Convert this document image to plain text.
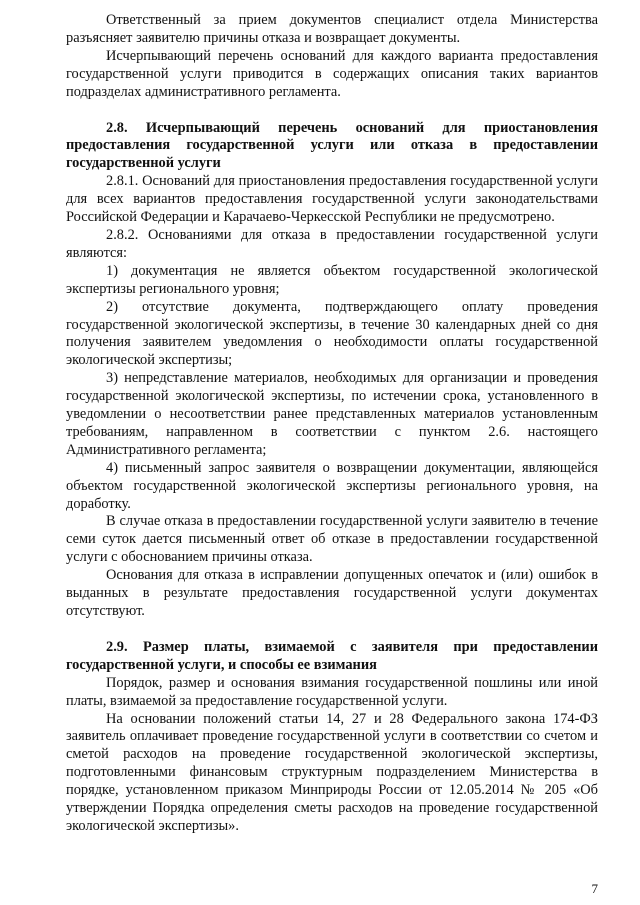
Ответственный за прием документов специалист отдела Министерства разъясняет заявителю причины отказа и возвращает документы.

Исчерпывающий перечень оснований для каждого варианта предоставления государственной услуги приводится в содержащих описания таких вариантов подразделах административного регламента.

2.8. Исчерпывающий перечень оснований для приостановления предоставления государственной услуги или отказа в предоставлении государственной услуги

2.8.1. Оснований для приостановления предоставления государственной услуги для всех вариантов предоставления государственной услуги законодательствами Российской Федерации и Карачаево-Черкесской Республики не предусмотрено.

2.8.2. Основаниями для отказа в предоставлении государственной услуги являются:

1) документация не является объектом государственной экологической экспертизы регионального уровня;

2) отсутствие документа, подтверждающего оплату проведения государственной экологической экспертизы, в течение 30 календарных дней со дня получения заявителем уведомления о необходимости оплаты государственной экологической экспертизы;

3) непредставление материалов, необходимых для организации и проведения государственной экологической экспертизы, по истечении срока, установленного в уведомлении о несоответствии ранее представленных материалов установленным требованиям, направленном в соответствии с пунктом 2.6. настоящего Административного регламента;

4) письменный запрос заявителя о возвращении документации, являющейся объектом государственной экологической экспертизы регионального уровня, на доработку.

В случае отказа в предоставлении государственной услуги заявителю в течение семи суток дается письменный ответ об отказе в предоставлении государственной услуги с обоснованием причины отказа.

Основания для отказа в исправлении допущенных опечаток и (или) ошибок в выданных в результате предоставления государственной услуги документах отсутствуют.

2.9. Размер платы, взимаемой с заявителя при предоставлении государственной услуги, и способы ее взимания

Порядок, размер и основания взимания государственной пошлины или иной платы, взимаемой за предоставление государственной услуги.

На основании положений статьи 14, 27 и 28 Федерального закона 174-ФЗ заявитель оплачивает проведение государственной услуги в соответствии со счетом и сметой расходов на проведение государственной экологической экспертизы, подготовленными финансовым структурным подразделением Министерства в порядке, установленном приказом Минприроды России от 12.05.2014 № 205 «Об утверждении Порядка определения сметы расходов на проведение государственной экологической экспертизы».

7
